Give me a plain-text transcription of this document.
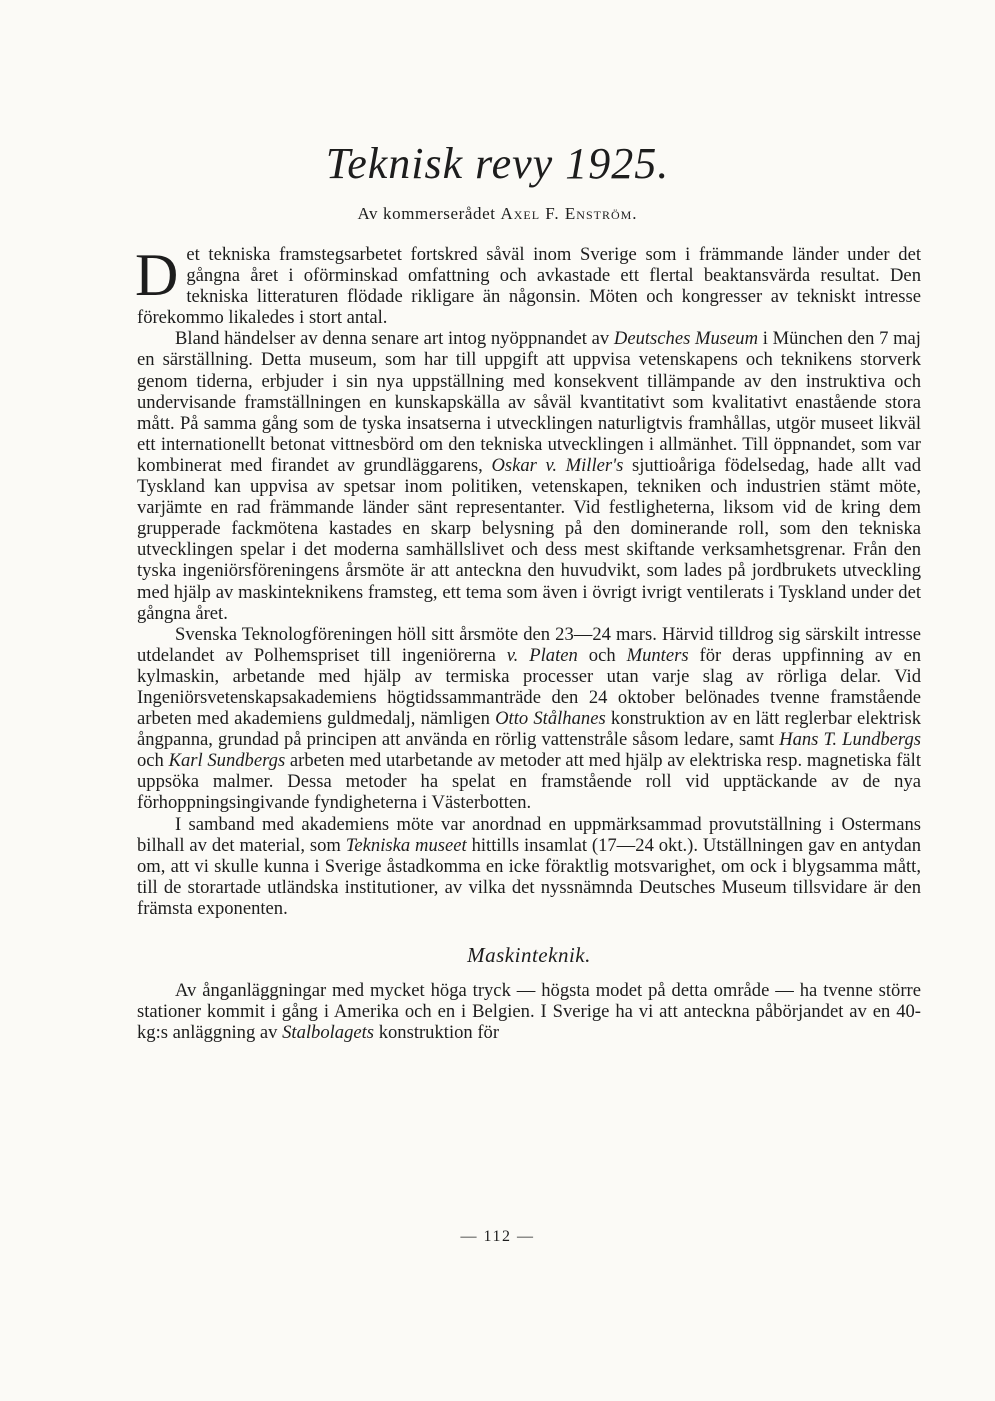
Teknisk revy 1925.
Av kommerserådet Axel F. Enström.

Det tekniska framstegsarbetet fortskred såväl inom Sverige som i främmande länder under det gångna året i oförminskad omfattning och avkastade ett flertal beaktansvärda resultat. Den tekniska litteraturen flödade rikligare än någonsin. Möten och kongresser av tekniskt intresse förekommo likaledes i stort antal.

Bland händelser av denna senare art intog nyöppnandet av Deutsches Museum i München den 7 maj en särställning. Detta museum, som har till uppgift att uppvisa vetenskapens och teknikens storverk genom tiderna, erbjuder i sin nya uppställning med konsekvent tillämpande av den instruktiva och undervisande framställningen en kunskapskälla av såväl kvantitativt som kvalitativt enastående stora mått. På samma gång som de tyska insatserna i utvecklingen naturligtvis framhållas, utgör museet likväl ett internationellt betonat vittnesbörd om den tekniska utvecklingen i allmänhet. Till öppnandet, som var kombinerat med firandet av grundläggarens, Oskar v. Miller's sjuttioåriga födelsedag, hade allt vad Tyskland kan uppvisa av spetsar inom politiken, vetenskapen, tekniken och industrien stämt möte, varjämte en rad främmande länder sänt representanter. Vid festligheterna, liksom vid de kring dem grupperade fackmötena kastades en skarp belysning på den dominerande roll, som den tekniska utvecklingen spelar i det moderna samhällslivet och dess mest skiftande verksamhetsgrenar. Från den tyska ingeniörsföreningens årsmöte är att anteckna den huvudvikt, som lades på jordbrukets utveckling med hjälp av maskinteknikens framsteg, ett tema som även i övrigt ivrigt ventilerats i Tyskland under det gångna året.

Svenska Teknologföreningen höll sitt årsmöte den 23—24 mars. Härvid tilldrog sig särskilt intresse utdelandet av Polhemspriset till ingeniörerna v. Platen och Munters för deras uppfinning av en kylmaskin, arbetande med hjälp av termiska processer utan varje slag av rörliga delar. Vid Ingeniörsvetenskapsakademiens högtidssammanträde den 24 oktober belönades tvenne framstående arbeten med akademiens guldmedalj, nämligen Otto Stålhanes konstruktion av en lätt reglerbar elektrisk ångpanna, grundad på principen att använda en rörlig vattenstråle såsom ledare, samt Hans T. Lundbergs och Karl Sundbergs arbeten med utarbetande av metoder att med hjälp av elektriska resp. magnetiska fält uppsöka malmer. Dessa metoder ha spelat en framstående roll vid upptäckande av de nya förhoppningsingivande fyndigheterna i Västerbotten.

I samband med akademiens möte var anordnad en uppmärksammad provutställning i Ostermans bilhall av det material, som Tekniska museet hittills insamlat (17—24 okt.). Utställningen gav en antydan om, att vi skulle kunna i Sverige åstadkomma en icke föraktlig motsvarighet, om ock i blygsamma mått, till de storartade utländska institutioner, av vilka det nyssnämnda Deutsches Museum tillsvidare är den främsta exponenten.

Maskinteknik.

Av ånganläggningar med mycket höga tryck — högsta modet på detta område — ha tvenne större stationer kommit i gång i Amerika och en i Belgien. I Sverige ha vi att anteckna påbörjandet av en 40-kg:s anläggning av Stalbolagets konstruktion för

— 112 —
